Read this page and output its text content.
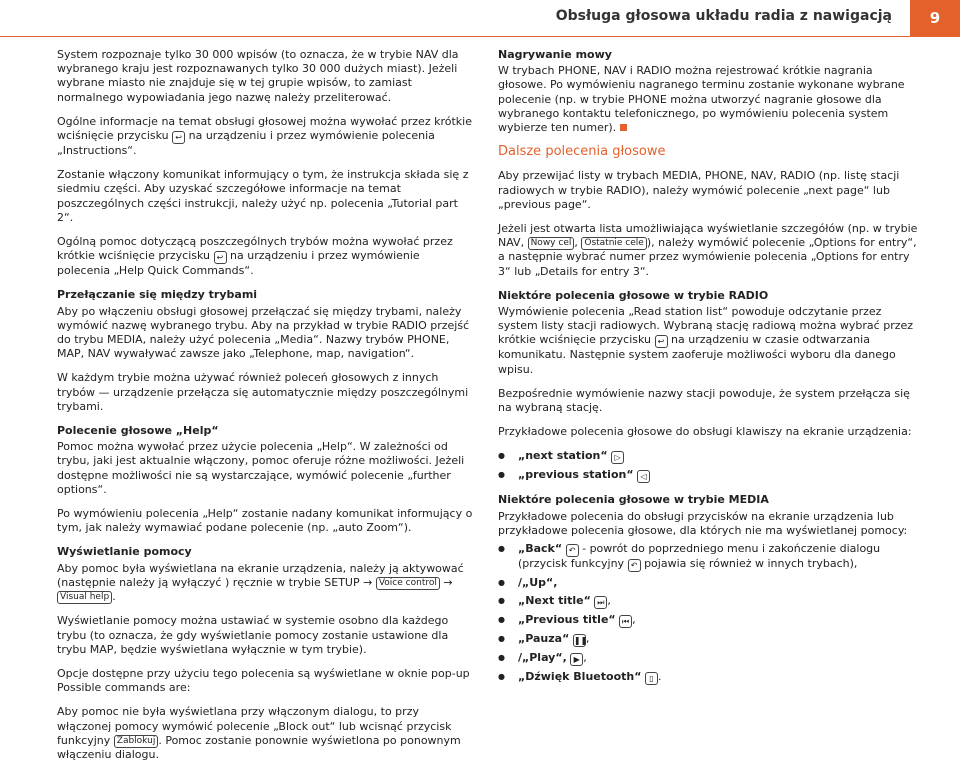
Obsługa głosowa układu radia z nawigacją	9

System rozpoznaje tylko 30 000 wpisów (to oznacza, że w trybie NAV dla wybranego kraju jest rozpoznawanych tylko 30 000 dużych miast). Jeżeli wybrane miasto nie znajduje się w tej grupie wpisów, to zamiast normalnego wypowiadania jego nazwę należy przeliterować.

Ogólne informacje na temat obsługi głosowej można wywołać przez krótkie wciśnięcie przycisku ↩ na urządzeniu i przez wymówienie polecenia „Instructions“.

Zostanie włączony komunikat informujący o tym, że instrukcja składa się z siedmiu części. Aby uzyskać szczegółowe informacje na temat poszczególnych części instrukcji, należy użyć np. polecenia „Tutorial part 2“.

Ogólną pomoc dotyczącą poszczególnych trybów można wywołać przez krótkie wciśnięcie przycisku ↩ na urządzeniu i przez wymówienie polecenia „Help Quick Commands“.

Przełączanie się między trybami

Aby po włączeniu obsługi głosowej przełączać się między trybami, należy wymówić nazwę wybranego trybu. Aby na przykład w trybie RADIO przejść do trybu MEDIA, należy użyć polecenia „Media“. Nazwy trybów PHONE, MAP, NAV wywaływać zawsze jako „Telephone, map, navigation“.

W każdym trybie można używać również poleceń głosowych z innych trybów — urządzenie przełącza się automatycznie między poszczególnymi trybami.

Polecenie głosowe „Help“

Pomoc można wywołać przez użycie polecenia „Help“. W zależności od trybu, jaki jest aktualnie włączony, pomoc oferuje różne możliwości. Jeżeli dostępne możliwości nie są wystarczające, wymówić polecenie „further options“.

Po wymówieniu polecenia „Help“ zostanie nadany komunikat informujący o tym, jak należy wymawiać podane polecenie (np. „auto Zoom“).

Wyświetlanie pomocy

Aby pomoc była wyświetlana na ekranie urządzenia, należy ją aktywować (następnie należy ją wyłączyć ) ręcznie w trybie SETUP → Voice control → Visual help .

Wyświetlanie pomocy można ustawiać w systemie osobno dla każdego trybu (to oznacza, że gdy wyświetlanie pomocy zostanie ustawione dla trybu MAP, będzie wyświetlana wyłącznie w tym trybie).

Opcje dostępne przy użyciu tego polecenia są wyświetlane w oknie pop-up Possible commands are:

Aby pomoc nie była wyświetlana przy włączonym dialogu, to przy włączonej pomocy wymówić polecenie „Block out“ lub wcisnąć przycisk funkcyjny Zablokuj . Pomoc zostanie ponownie wyświetlona po ponownym włączeniu dialogu.

Nagrywanie mowy

W trybach PHONE, NAV i RADIO można rejestrować krótkie nagrania głosowe. Po wymówieniu nagranego terminu zostanie wykonane wybrane polecenie (np. w trybie PHONE można utworzyć nagranie głosowe dla wybranego kontaktu telefonicznego, po wymówieniu polecenia system wybierze ten numer).

Dalsze polecenia głosowe

Aby przewijać listy w trybach MEDIA, PHONE, NAV, RADIO (np. listę stacji radiowych w trybie RADIO), należy wymówić polecenie „next page“ lub „previous page“.

Jeżeli jest otwarta lista umożliwiająca wyświetlanie szczegółów (np. w trybie NAV, Nowy cel , Ostatnie cele ), należy wymówić polecenie „Options for entry“, a następnie wybrać numer przez wymówienie polecenia „Options for entry 3“ lub „Details for entry 3“.

Niektóre polecenia głosowe w trybie RADIO

Wymówienie polecenia „Read station list“ powoduje odczytanie przez system listy stacji radiowych. Wybraną stację radiową można wybrać przez krótkie wciśnięcie przycisku ↩ na urządzeniu w czasie odtwarzania komunikatu. Następnie system zaoferuje możliwości wyboru dla danego wpisu.

Bezpośrednie wymówienie nazwy stacji powoduje, że system przełącza się na wybraną stację.

Przykładowe polecenia głosowe do obsługi klawiszy na ekranie urządzenia:

● „next station“ ▷
● „previous station“ ◁
Niektóre polecenia głosowe w trybie MEDIA

Przykładowe polecenia do obsługi przycisków na ekranie urządzenia lub przykładowe polecenia głosowe, dla których nie ma wyświetlanej pomocy:

● „Back“ ↶ - powrót do poprzedniego menu i zakończenie dialogu (przycisk funkcyjny ↶ pojawia się również w innych trybach),
● /„Up“,
● „Next title“ ⏭ ,
● „Previous title“ ⏮ ,
● „Pauza“ ❚❚,
● /„Play“, ▶ ,
● „Dźwięk Bluetooth“ ▯ .
